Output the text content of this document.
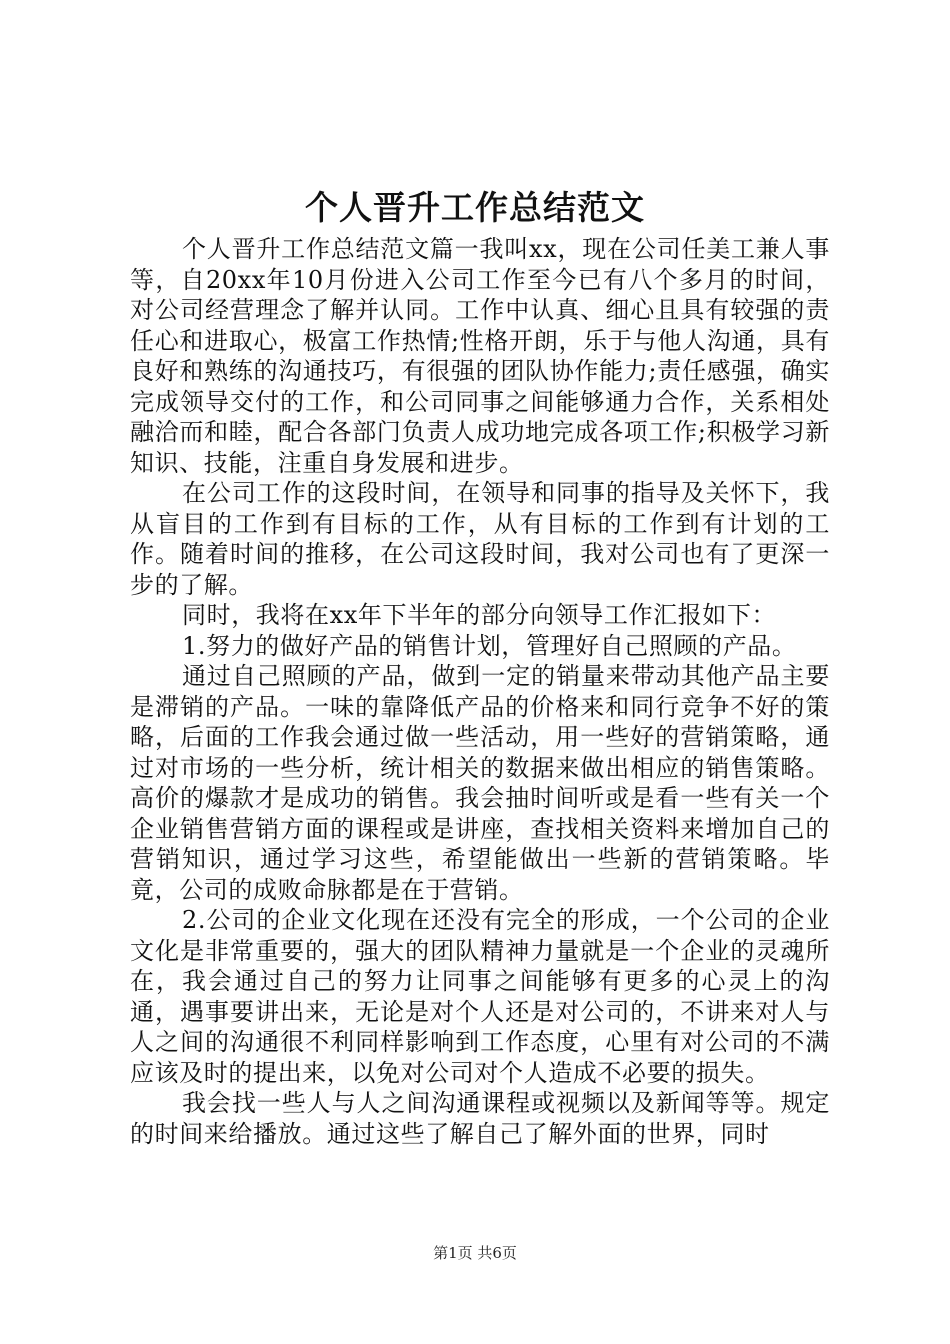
个人晋升工作总结范文

个人晋升工作总结范文篇一我叫xx，现在公司任美工兼人事等，自20xx年10月份进入公司工作至今已有八个多月的时间，对公司经营理念了解并认同。工作中认真、细心且具有较强的责任心和进取心，极富工作热情;性格开朗，乐于与他人沟通，具有良好和熟练的沟通技巧，有很强的团队协作能力;责任感强，确实完成领导交付的工作，和公司同事之间能够通力合作，关系相处融洽而和睦，配合各部门负责人成功地完成各项工作;积极学习新知识、技能，注重自身发展和进步。

在公司工作的这段时间，在领导和同事的指导及关怀下，我从盲目的工作到有目标的工作，从有目标的工作到有计划的工作。随着时间的推移，在公司这段时间，我对公司也有了更深一步的了解。

同时，我将在xx年下半年的部分向领导工作汇报如下：

1.努力的做好产品的销售计划，管理好自己照顾的产品。

通过自己照顾的产品，做到一定的销量来带动其他产品主要是滞销的产品。一味的靠降低产品的价格来和同行竞争不好的策略，后面的工作我会通过做一些活动，用一些好的营销策略，通过对市场的一些分析，统计相关的数据来做出相应的销售策略。高价的爆款才是成功的销售。我会抽时间听或是看一些有关一个企业销售营销方面的课程或是讲座，查找相关资料来增加自己的营销知识，通过学习这些，希望能做出一些新的营销策略。毕竟，公司的成败命脉都是在于营销。

2.公司的企业文化现在还没有完全的形成，一个公司的企业文化是非常重要的，强大的团队精神力量就是一个企业的灵魂所在，我会通过自己的努力让同事之间能够有更多的心灵上的沟通，遇事要讲出来，无论是对个人还是对公司的，不讲来对人与人之间的沟通很不利同样影响到工作态度，心里有对公司的不满应该及时的提出来，以免对公司对个人造成不必要的损失。

我会找一些人与人之间沟通课程或视频以及新闻等等。规定的时间来给播放。通过这些了解自己了解外面的世界，同时

第1页 共6页
